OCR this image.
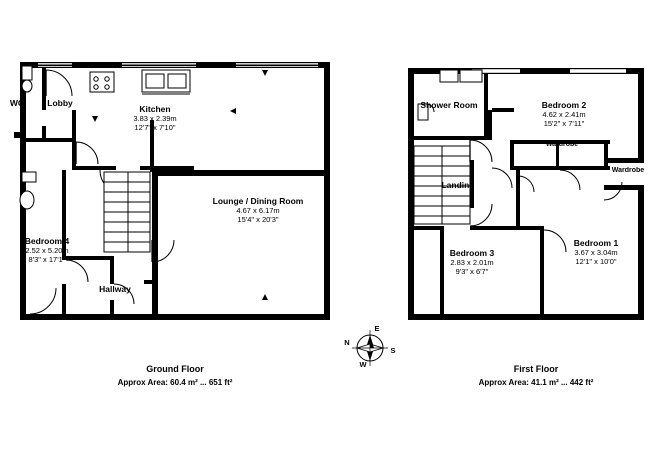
WC	Lobby
Kitchen
3.83 x 2.39m
12'7" x 7'10"
Lounge / Dining Room
4.67 x 6.17m
15'4" x 20'3"
Bedroom 4
2.52 x 5.20m
8'3" x 17'1"
Hallway
Shower Room	Bedroom 2
4.62 x 2.41m
15'2" x 7'11"
Landing
Wardrobe
Wardrobe
Bedroom 3
2.83 x 2.01m
9'3" x 6'7"
Bedroom 1
3.67 x 3.04m
12'1" x 10'0"
N
E
S
W
Ground Floor
Approx Area: 60.4 m² ... 651 ft²
First Floor
Approx Area: 41.1 m² ... 442 ft²
